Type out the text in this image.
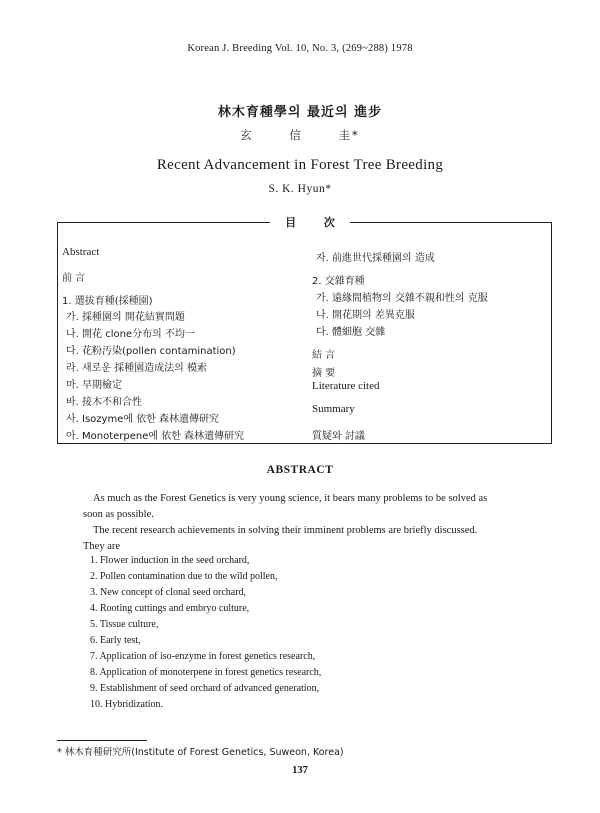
Korean J. Breeding Vol. 10, No. 3, (269~288) 1978
林木育種學의 最近의 進步
玄 信 圭*
Recent Advancement in Forest Tree Breeding
S. K. Hyun*
目 次
Abstract
前 言
1. 選拔育種(採種園)
가. 採種園의 開花結實問題
나. 開花 clone分布의 不均一
다. 花粉汚染(pollen contamination)
라. 새로운 採種園造成法의 模索
마. 早期檢定
바. 接木不和合性
사. Isozyme에 依한 森林遺傳研究
아. Monoterpene에 依한 森林遺傳研究
자. 前進世代採種園의 造成
2. 交雜育種
가. 遠緣間植物의 交雜不親和性의 克服
나. 開花期의 差異克服
다. 體細胞 交雜
結 言
摘 要
Literature cited
Summary
質疑와 討議
ABSTRACT
As much as the Forest Genetics is very young science, it bears many problems to be solved as
soon as possible.
The recent research achievements in solving their imminent problems are briefly discussed.
They are
1. Flower induction in the seed orchard,
2. Pollen contamination due to the wild pollen,
3. New concept of clonal seed orchard,
4. Rooting cuttings and embryo culture,
5. Tissue culture,
6. Early test,
7. Application of iso-enzyme in forest genetics research,
8. Application of monoterpene in forest genetics research,
9. Establishment of seed orchard of advanced generation,
10. Hybridization.
* 林木育種研究所(Institute of Forest Genetics, Suweon, Korea)
137
